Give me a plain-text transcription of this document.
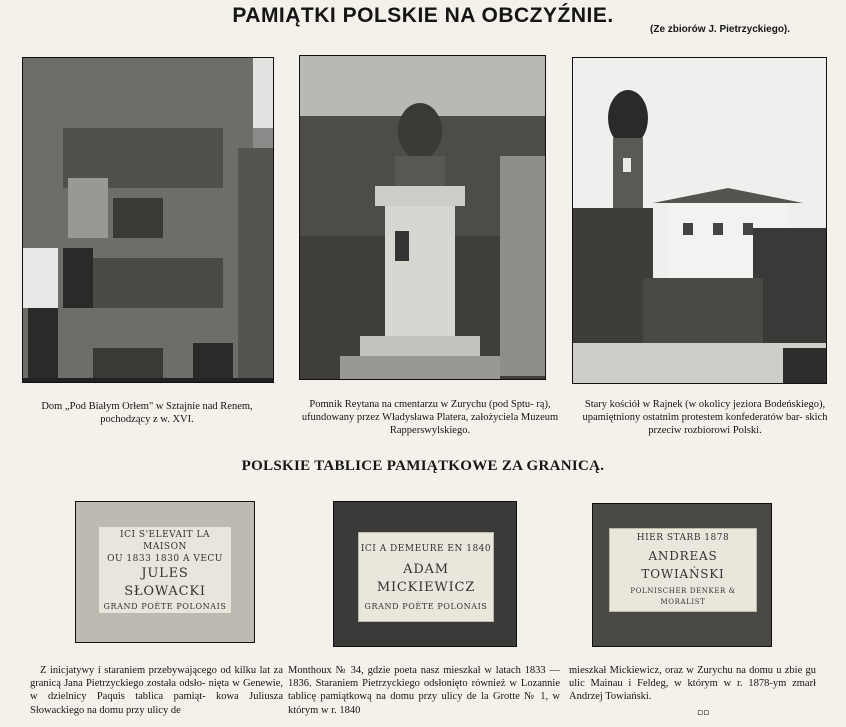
PAMIĄTKI POLSKIE NA OBCZYŹNIE.
(Ze zbiorów J. Pietrzyckiego).
Dom „Pod Białym Orłem" w Sztajnie nad Renem, pochodzący z w. XVI.
Pomnik Reytana na cmentarzu w Zurychu (pod Sptu- rą), ufundowany przez Władysława Platera, założyciela Muzeum Rapperswylskiego.
Stary kościół w Rajnek (w okolicy jeziora Bodeńskiego), upamiętniony ostatnim protestem konfederatów bar- skich przeciw rozbiorowi Polski.
POLSKIE TABLICE PAMIĄTKOWE ZA GRANICĄ.
ICI S'ELEVAIT LA MAISON
OU 1833 1830 A VECU
JULES SŁOWACKI
GRAND POÈTE POLONAIS
ICI A DEMEURE EN 1840
ADAM MICKIEWICZ
GRAND POÈTE POLONAIS
HIER STARB 1878
ANDREAS TOWIAŃSKI
POLNISCHER DENKER & MORALIST
Z inicjatywy i staraniem przebywającego od kilku lat za granicą Jana Pietrzyckiego została odsło- nięta w Genewie, w dzielnicy Paquis tablica pamiąt- kowa Juliusza Słowackiego na domu przy ulicy de
Monthoux № 34, gdzie poeta nasz mieszkał w latach 1833 — 1836. Staraniem Pietrzyckiego odsłonięto również w Lozannie tablicę pamiątkową na domu przy ulicy de la Grotte № 1, w którym w r. 1840
mieszkał Mickiewicz, oraz w Zurychu na domu u zbie gu ulic Mainau i Feldeg, w którym w r. 1878-ym zmarł Andrzej Towiański.
▫▫
